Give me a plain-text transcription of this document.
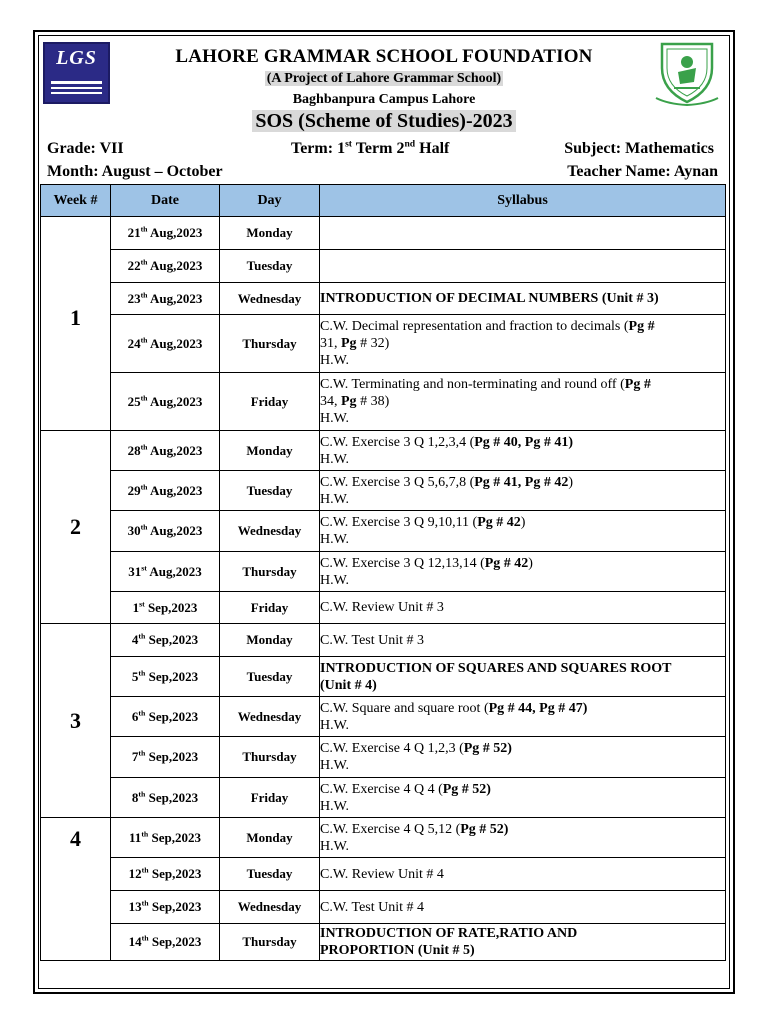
LGS	LAHORE GRAMMAR SCHOOL FOUNDATION
(A Project of Lahore Grammar School)
Baghbanpura Campus Lahore
SOS (Scheme of Studies)-2023
Grade: VII	Term: 1st Term 2nd Half	Subject: Mathematics
Month: August – October	Teacher Name: Aynan
Week #	Date	Day	Syllabus
1	21th Aug,2023	Monday	
	22th Aug,2023	Tuesday	
	23th Aug,2023	Wednesday	INTRODUCTION OF DECIMAL NUMBERS (Unit # 3)

	24th Aug,2023	Thursday	C.W. Decimal representation and fraction to decimals (Pg #
31, Pg # 32)
H.W.

	25th Aug,2023	Friday	C.W. Terminating and non-terminating and round off (Pg #
34, Pg # 38)
H.W.

2	28th Aug,2023	Monday	C.W. Exercise 3 Q 1,2,3,4 (Pg # 40, Pg # 41)
H.W.

	29th Aug,2023	Tuesday	C.W. Exercise 3 Q 5,6,7,8 (Pg # 41, Pg # 42)
H.W.

	30th Aug,2023	Wednesday	C.W. Exercise 3 Q 9,10,11 (Pg # 42)
H.W.

	31st Aug,2023	Thursday	C.W. Exercise 3 Q 12,13,14 (Pg # 42)
H.W.

	1st Sep,2023	Friday	C.W. Review Unit # 3

3	4th Sep,2023	Monday	C.W. Test Unit # 3

	5th Sep,2023	Tuesday	INTRODUCTION OF SQUARES AND SQUARES ROOT
(Unit # 4)

	6th Sep,2023	Wednesday	C.W. Square and square root (Pg # 44, Pg # 47)
H.W.

	7th Sep,2023	Thursday	C.W. Exercise 4 Q 1,2,3 (Pg # 52)
H.W.

	8th Sep,2023	Friday	C.W. Exercise 4 Q 4 (Pg # 52)
H.W.

4	11th Sep,2023	Monday	C.W. Exercise 4 Q 5,12 (Pg # 52)
H.W.

	12th Sep,2023	Tuesday	C.W. Review Unit # 4

	13th Sep,2023	Wednesday	C.W. Test Unit # 4

	14th Sep,2023	Thursday	INTRODUCTION OF RATE,RATIO AND
PROPORTION (Unit # 5)
